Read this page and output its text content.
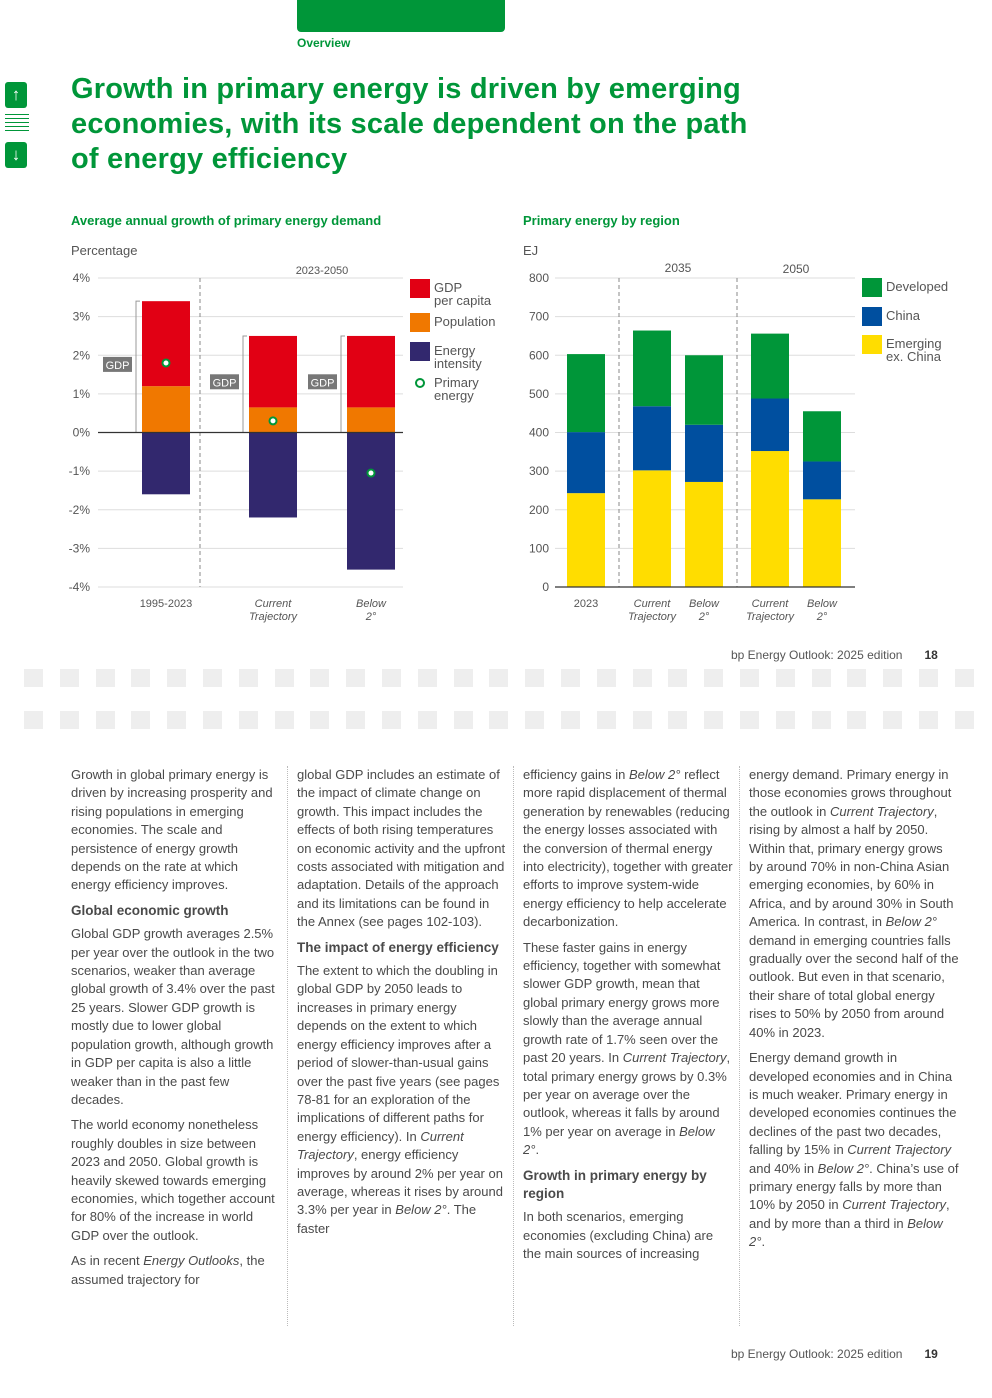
Overview
↑
↓
Growth in primary energy is driven by emerging economies, with its scale dependent on the path of energy efficiency
Average annual growth of primary energy demand
Percentage
Primary energy by region
EJ
4%
3%
2%
1%
0%
-1%
-2%
-3%
-4%
2023-2050
GDP
GDP	GDP
1995-2023	Current Trajectory
Below 2°
GDP
per capita
Population
Energy
intensity
Primary
energy
800
700
600
500
400
300
200
100
0
2035	2050
2023	Current Trajectory
Below 2°
Current Trajectory
Below 2°
Developed
China
Emerging
ex. China
bp Energy Outlook: 2025 edition 18

Growth in global primary energy is driven by increasing prosperity and rising populations in emerging economies. The scale and persistence of energy growth depends on the rate at which energy efficiency improves.

Global economic growth

Global GDP growth averages 2.5% per year over the outlook in the two scenarios, weaker than average global growth of 3.4% over the past 25 years. Slower GDP growth is mostly due to lower global population growth, although growth in GDP per capita is also a little weaker than in the past few decades.

The world economy nonetheless roughly doubles in size between 2023 and 2050. Global growth is heavily skewed towards emerging economies, which together account for 80% of the increase in world GDP over the outlook.

As in recent Energy Outlooks, the assumed trajectory for

global GDP includes an estimate of the impact of climate change on growth. This impact includes the effects of both rising temperatures on economic activity and the upfront costs associated with mitigation and adaptation. Details of the approach and its limitations can be found in the Annex (see pages 102-103).

The impact of energy efficiency

The extent to which the doubling in global GDP by 2050 leads to increases in primary energy depends on the extent to which energy efficiency improves after a period of slower-than-usual gains over the past five years (see pages 78-81 for an exploration of the implications of different paths for energy efficiency). In Current Trajectory, energy efficiency improves by around 2% per year on average, whereas it rises by around 3.3% per year in Below 2°. The faster

efficiency gains in Below 2° reflect more rapid displacement of thermal generation by renewables (reducing the energy losses associated with the conversion of thermal energy into electricity), together with greater efforts to improve system-wide energy efficiency to help accelerate decarbonization.

These faster gains in energy efficiency, together with somewhat slower GDP growth, mean that global primary energy grows more slowly than the average annual growth rate of 1.7% seen over the past 20 years. In Current Trajectory, total primary energy grows by 0.3% per year on average over the outlook, whereas it falls by around 1% per year on average in Below 2°.

Growth in primary energy by region

In both scenarios, emerging economies (excluding China) are the main sources of increasing

energy demand. Primary energy in those economies grows throughout the outlook in Current Trajectory, rising by almost a half by 2050. Within that, primary energy grows by around 70% in non-China Asian emerging economies, by 60% in Africa, and by around 30% in South America. In contrast, in Below 2° demand in emerging countries falls gradually over the second half of the outlook. But even in that scenario, their share of total global energy rises to 50% by 2050 from around 40% in 2023.

Energy demand growth in developed economies and in China is much weaker. Primary energy in developed economies continues the declines of the past two decades, falling by 15% in Current Trajectory and 40% in Below 2°. China’s use of primary energy falls by more than 10% by 2050 in Current Trajectory, and by more than a third in Below 2°.

bp Energy Outlook: 2025 edition 19
